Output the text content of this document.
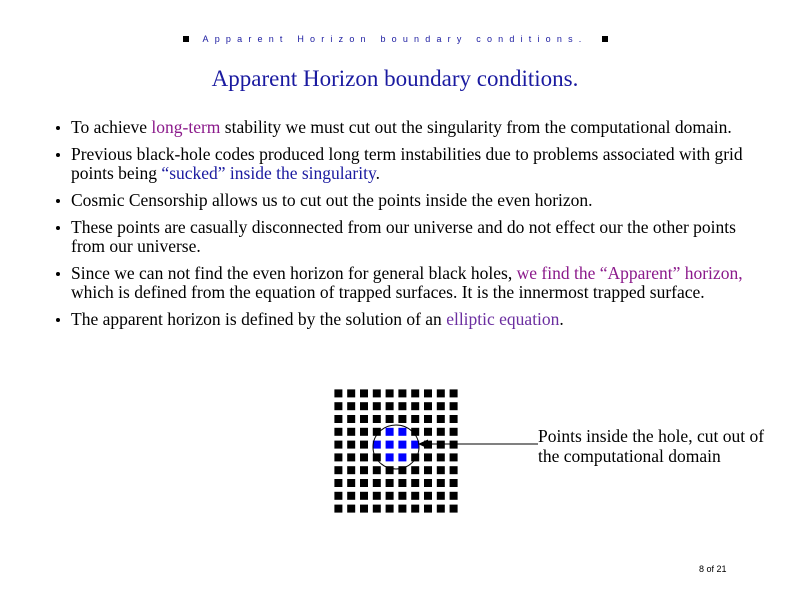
Apparent Horizon boundary conditions.
Apparent Horizon boundary conditions.
To achieve long-term stability we must cut out the singularity from the computational domain.
Previous black-hole codes produced long term instabilities due to problems associated with grid points being “sucked” inside the singularity.
Cosmic Censorship allows us to cut out the points inside the even horizon.
These points are casually disconnected from our universe and do not effect our the other points from our universe.
Since we can not find the even horizon for general black holes, we find the “Apparent” horizon, which is defined from the equation of trapped surfaces. It is the innermost trapped surface.
The apparent horizon is defined by the solution of an elliptic equation.
Points inside the hole, cut out of the computational domain
8 of 21
